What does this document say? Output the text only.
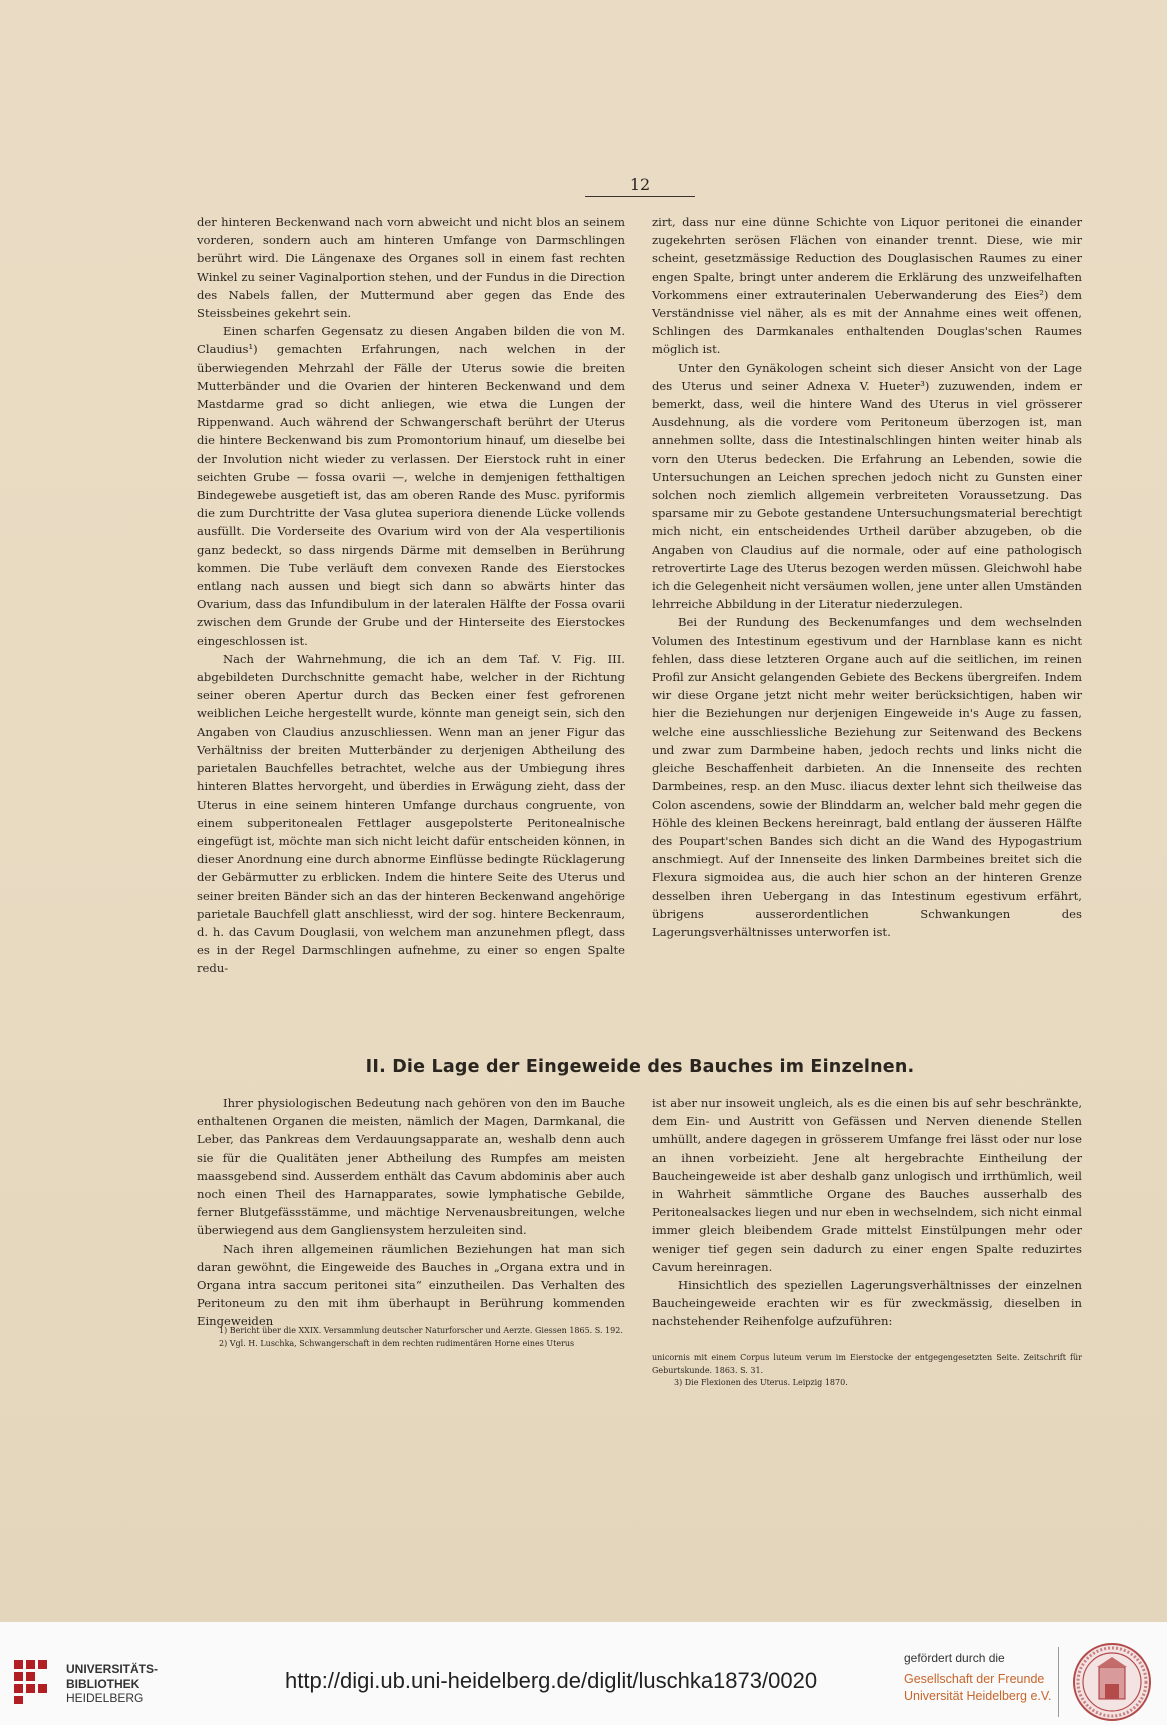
12

der hinteren Beckenwand nach vorn abweicht und nicht blos an seinem vorderen, sondern auch am hinteren Umfange von Darmschlingen berührt wird. Die Längenaxe des Organes soll in einem fast rechten Winkel zu seiner Vaginalportion stehen, und der Fundus in die Direction des Nabels fallen, der Muttermund aber gegen das Ende des Steissbeines gekehrt sein.

Einen scharfen Gegensatz zu diesen Angaben bilden die von M. Claudius¹) gemachten Erfahrungen, nach welchen in der überwiegenden Mehrzahl der Fälle der Uterus sowie die breiten Mutterbänder und die Ovarien der hinteren Beckenwand und dem Mastdarme grad so dicht anliegen, wie etwa die Lungen der Rippenwand. Auch während der Schwangerschaft berührt der Uterus die hintere Beckenwand bis zum Promontorium hinauf, um dieselbe bei der Involution nicht wieder zu verlassen. Der Eierstock ruht in einer seichten Grube — fossa ovarii —, welche in demjenigen fetthaltigen Bindegewebe ausgetieft ist, das am oberen Rande des Musc. pyriformis die zum Durchtritte der Vasa glutea superiora dienende Lücke vollends ausfüllt. Die Vorderseite des Ovarium wird von der Ala vespertilionis ganz bedeckt, so dass nirgends Därme mit demselben in Berührung kommen. Die Tube verläuft dem convexen Rande des Eierstockes entlang nach aussen und biegt sich dann so abwärts hinter das Ovarium, dass das Infundibulum in der lateralen Hälfte der Fossa ovarii zwischen dem Grunde der Grube und der Hinterseite des Eierstockes eingeschlossen ist.

Nach der Wahrnehmung, die ich an dem Taf. V. Fig. III. abgebildeten Durchschnitte gemacht habe, welcher in der Richtung seiner oberen Apertur durch das Becken einer fest gefrorenen weiblichen Leiche hergestellt wurde, könnte man geneigt sein, sich den Angaben von Claudius anzuschliessen. Wenn man an jener Figur das Verhältniss der breiten Mutterbänder zu derjenigen Abtheilung des parietalen Bauchfelles betrachtet, welche aus der Umbiegung ihres hinteren Blattes hervorgeht, und überdies in Erwägung zieht, dass der Uterus in eine seinem hinteren Umfange durchaus congruente, von einem subperitonealen Fettlager ausgepolsterte Peritonealnische eingefügt ist, möchte man sich nicht leicht dafür entscheiden können, in dieser Anordnung eine durch abnorme Einflüsse bedingte Rücklagerung der Gebärmutter zu erblicken. Indem die hintere Seite des Uterus und seiner breiten Bänder sich an das der hinteren Beckenwand angehörige parietale Bauchfell glatt anschliesst, wird der sog. hintere Beckenraum, d. h. das Cavum Douglasii, von welchem man anzunehmen pflegt, dass es in der Regel Darmschlingen aufnehme, zu einer so engen Spalte redu-

zirt, dass nur eine dünne Schichte von Liquor peritonei die einander zugekehrten serösen Flächen von einander trennt. Diese, wie mir scheint, gesetzmässige Reduction des Douglasischen Raumes zu einer engen Spalte, bringt unter anderem die Erklärung des unzweifelhaften Vorkommens einer extrauterinalen Ueberwanderung des Eies²) dem Verständnisse viel näher, als es mit der Annahme eines weit offenen, Schlingen des Darmkanales enthaltenden Douglas'schen Raumes möglich ist.

Unter den Gynäkologen scheint sich dieser Ansicht von der Lage des Uterus und seiner Adnexa V. Hueter³) zuzuwenden, indem er bemerkt, dass, weil die hintere Wand des Uterus in viel grösserer Ausdehnung, als die vordere vom Peritoneum überzogen ist, man annehmen sollte, dass die Intestinalschlingen hinten weiter hinab als vorn den Uterus bedecken. Die Erfahrung an Lebenden, sowie die Untersuchungen an Leichen sprechen jedoch nicht zu Gunsten einer solchen noch ziemlich allgemein verbreiteten Voraussetzung. Das sparsame mir zu Gebote gestandene Untersuchungsmaterial berechtigt mich nicht, ein entscheidendes Urtheil darüber abzugeben, ob die Angaben von Claudius auf die normale, oder auf eine pathologisch retrovertirte Lage des Uterus bezogen werden müssen. Gleichwohl habe ich die Gelegenheit nicht versäumen wollen, jene unter allen Umständen lehrreiche Abbildung in der Literatur niederzulegen.

Bei der Rundung des Beckenumfanges und dem wechselnden Volumen des Intestinum egestivum und der Harnblase kann es nicht fehlen, dass diese letzteren Organe auch auf die seitlichen, im reinen Profil zur Ansicht gelangenden Gebiete des Beckens übergreifen. Indem wir diese Organe jetzt nicht mehr weiter berücksichtigen, haben wir hier die Beziehungen nur derjenigen Eingeweide in's Auge zu fassen, welche eine ausschliessliche Beziehung zur Seitenwand des Beckens und zwar zum Darmbeine haben, jedoch rechts und links nicht die gleiche Beschaffenheit darbieten. An die Innenseite des rechten Darmbeines, resp. an den Musc. iliacus dexter lehnt sich theilweise das Colon ascendens, sowie der Blinddarm an, welcher bald mehr gegen die Höhle des kleinen Beckens hereinragt, bald entlang der äusseren Hälfte des Poupart'schen Bandes sich dicht an die Wand des Hypogastrium anschmiegt. Auf der Innenseite des linken Darmbeines breitet sich die Flexura sigmoidea aus, die auch hier schon an der hinteren Grenze desselben ihren Uebergang in das Intestinum egestivum erfährt, übrigens ausserordentlichen Schwankungen des Lagerungsverhältnisses unterworfen ist.

II. Die Lage der Eingeweide des Bauches im Einzelnen.

Ihrer physiologischen Bedeutung nach gehören von den im Bauche enthaltenen Organen die meisten, nämlich der Magen, Darmkanal, die Leber, das Pankreas dem Verdauungsapparate an, weshalb denn auch sie für die Qualitäten jener Abtheilung des Rumpfes am meisten maassgebend sind. Ausserdem enthält das Cavum abdominis aber auch noch einen Theil des Harnapparates, sowie lymphatische Gebilde, ferner Blutgefässstämme, und mächtige Nervenausbreitungen, welche überwiegend aus dem Gangliensystem herzuleiten sind.

Nach ihren allgemeinen räumlichen Beziehungen hat man sich daran gewöhnt, die Eingeweide des Bauches in „Organa extra und in Organa intra saccum peritonei sita“ einzutheilen. Das Verhalten des Peritoneum zu den mit ihm überhaupt in Berührung kommenden Eingeweiden

ist aber nur insoweit ungleich, als es die einen bis auf sehr beschränkte, dem Ein- und Austritt von Gefässen und Nerven dienende Stellen umhüllt, andere dagegen in grösserem Umfange frei lässt oder nur lose an ihnen vorbeizieht. Jene alt hergebrachte Eintheilung der Baucheingeweide ist aber deshalb ganz unlogisch und irrthümlich, weil in Wahrheit sämmtliche Organe des Bauches ausserhalb des Peritonealsackes liegen und nur eben in wechselndem, sich nicht einmal immer gleich bleibendem Grade mittelst Einstülpungen mehr oder weniger tief gegen sein dadurch zu einer engen Spalte reduzirtes Cavum hereinragen.

Hinsichtlich des speziellen Lagerungsverhältnisses der einzelnen Baucheingeweide erachten wir es für zweckmässig, dieselben in nachstehender Reihenfolge aufzuführen:

1) Bericht über die XXIX. Versammlung deutscher Naturforscher und Aerzte. Giessen 1865. S. 192.

2) Vgl. H. Luschka, Schwangerschaft in dem rechten rudimentären Horne eines Uterus

unicornis mit einem Corpus luteum verum im Eierstocke der entgegengesetzten Seite. Zeitschrift für Geburtskunde. 1863. S. 31.

3) Die Flexionen des Uterus. Leipzig 1870.

UNIVERSITÄTS-
BIBLIOTHEK
HEIDELBERG
http://digi.ub.uni-heidelberg.de/diglit/luschka1873/0020
gefördert durch die
Gesellschaft der Freunde
Universität Heidelberg e.V.
